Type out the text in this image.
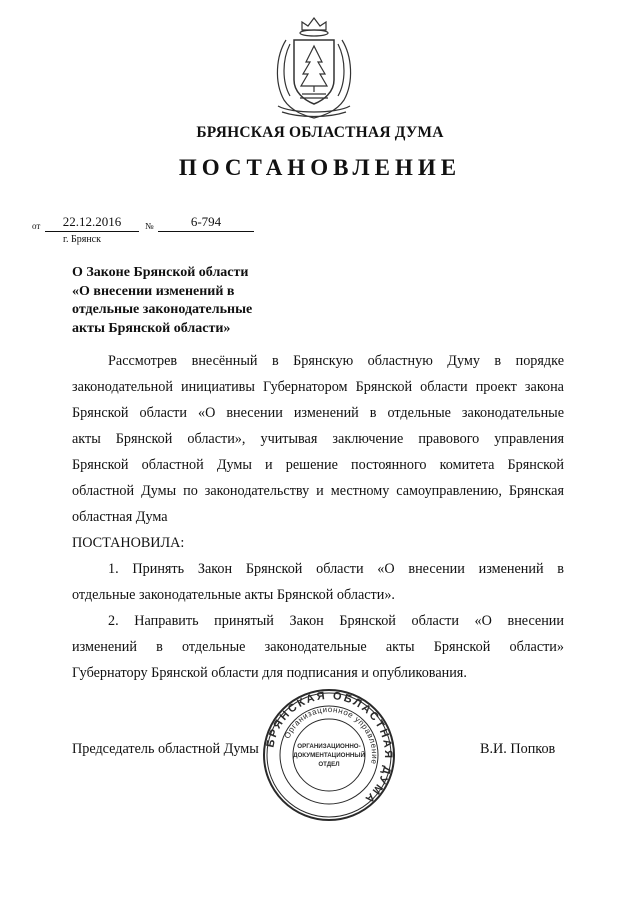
БРЯНСКАЯ ОБЛАСТНАЯ ДУМА
ПОСТАНОВЛЕНИЕ
от	22.12.2016	№	6-794
г. Брянск
О Законе Брянской области
«О внесении изменений в
отдельные законодательные
акты Брянской области»
Рассмотрев внесённый в Брянскую областную Думу в порядке
законодательной инициативы Губернатором Брянской области проект закона
Брянской области «О внесении изменений в отдельные законодательные
акты Брянской области», учитывая заключение правового управления
Брянской областной Думы и решение постоянного комитета Брянской
областной Думы по законодательству и местному самоуправлению, Брянская
областная Дума
ПОСТАНОВИЛА:
1. Принять Закон Брянской области «О внесении изменений в
отдельные законодательные акты Брянской области».
2. Направить принятый Закон Брянской области «О внесении
изменений в отдельные законодательные акты Брянской области»
Губернатору Брянской области для подписания и опубликования.
Председатель областной Думы	В.И. Попков
БРЯНСКАЯ ОБЛАСТНАЯ ДУМА
Организационное управление
ОРГАНИЗАЦИОННО-
ДОКУМЕНТАЦИОННЫЙ
ОТДЕЛ
